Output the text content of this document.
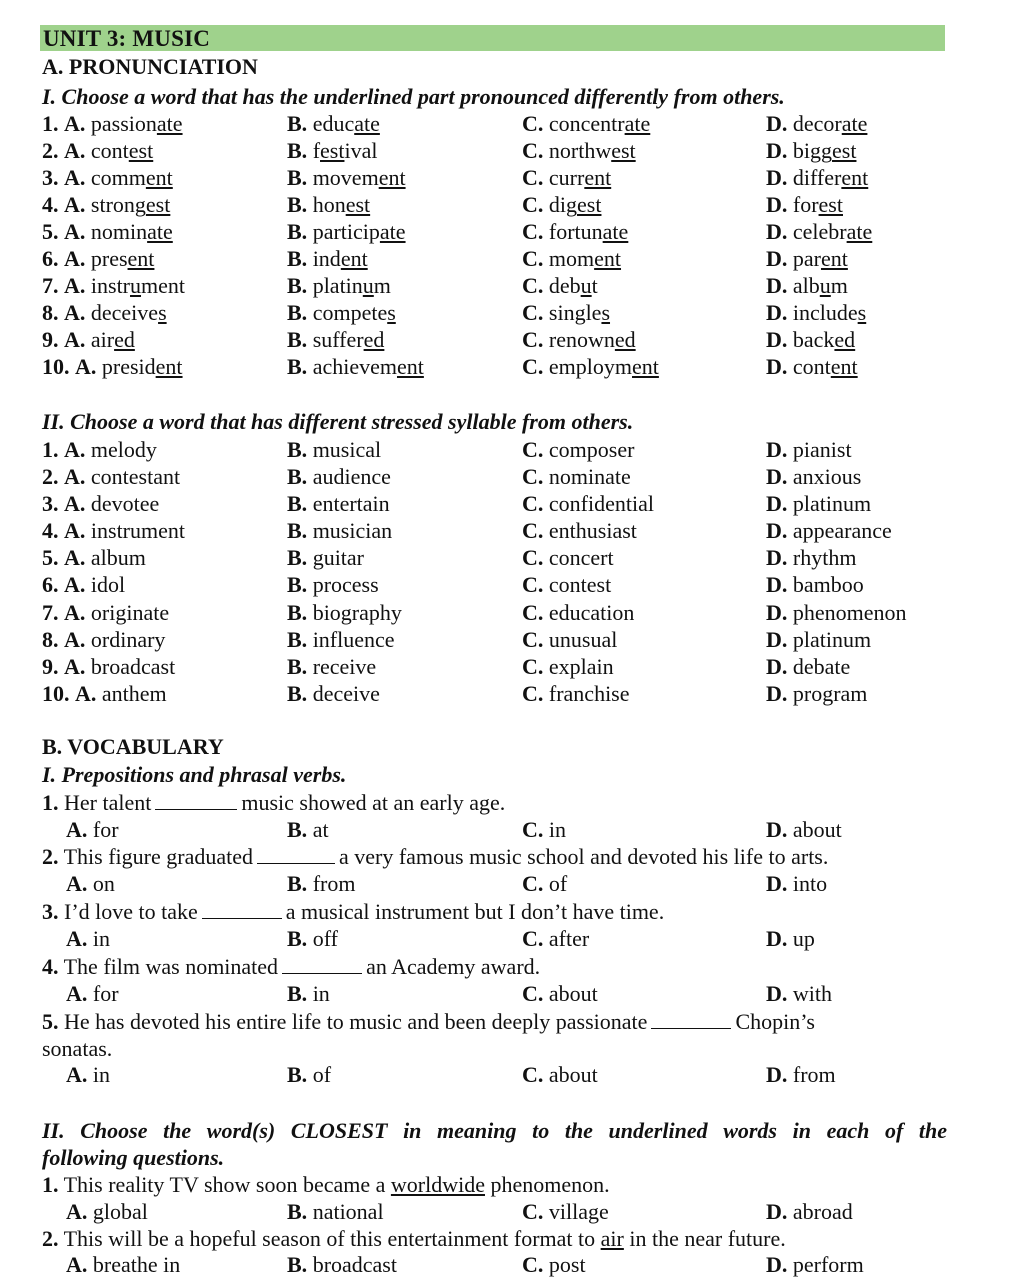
UNIT 3: MUSIC
A. PRONUNCIATION
I. Choose a word that has the underlined part pronounced differently from others.
1. A. passionate	B. educate	C. concentrate	D. decorate
2. A. contest	B. festival	C. northwest	D. biggest
3. A. comment	B. movement	C. current	D. different
4. A. strongest	B. honest	C. digest	D. forest
5. A. nominate	B. participate	C. fortunate	D. celebrate
6. A. present	B. indent	C. moment	D. parent
7. A. instrument	B. platinum	C. debut	D. album
8. A. deceives	B. competes	C. singles	D. includes
9. A. aired	B. suffered	C. renowned	D. backed
10. A. president	B. achievement	C. employment	D. content
II. Choose a word that has different stressed syllable from others.
1. A. melody	B. musical	C. composer	D. pianist
2. A. contestant	B. audience	C. nominate	D. anxious
3. A. devotee	B. entertain	C. confidential	D. platinum
4. A. instrument	B. musician	C. enthusiast	D. appearance
5. A. album	B. guitar	C. concert	D. rhythm
6. A. idol	B. process	C. contest	D. bamboo
7. A. originate	B. biography	C. education	D. phenomenon
8. A. ordinary	B. influence	C. unusual	D. platinum
9. A. broadcast	B. receive	C. explain	D. debate
10. A. anthem	B. deceive	C. franchise	D. program
B. VOCABULARY
I. Prepositions and phrasal verbs.
1. Her talent	music showed at an early age.
A. for	B. at	C. in	D. about
2. This figure graduated	a very famous music school and devoted his life to arts.
A. on	B. from	C. of	D. into
3. I’d love to take	a musical instrument but I don’t have time.
A. in	B. off	C. after	D. up
4. The film was nominated	an Academy award.
A. for	B. in	C. about	D. with
5. He has devoted his entire life to music and been deeply passionate	Chopin’s
sonatas.
A. in	B. of	C. about	D. from
II. Choose the word(s) CLOSEST in meaning to the underlined words in each of the
following questions.
1. This reality TV show soon became a worldwide phenomenon.
A. global	B. national	C. village	D. abroad
2. This will be a hopeful season of this entertainment format to air in the near future.
A. breathe in	B. broadcast	C. post	D. perform
